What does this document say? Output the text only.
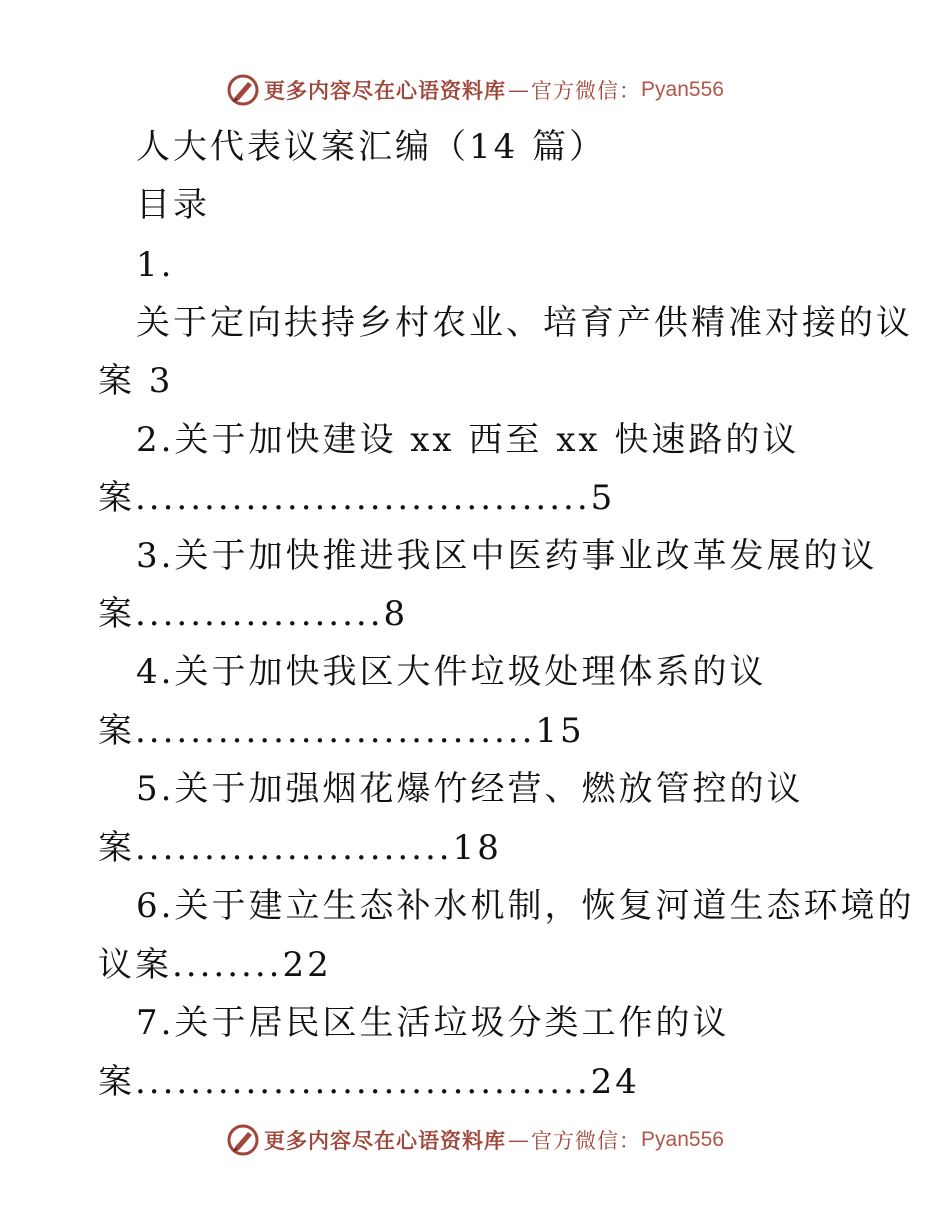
更多内容尽在心语资料库 — 官方微信： Pyan556
人大代表议案汇编（14 篇）
目录
1.
关于定向扶持乡村农业、培育产供精准对接的议
案 3
2.关于加快建设 xx 西至 xx 快速路的议
案.................................5
3.关于加快推进我区中医药事业改革发展的议
案..................8
4.关于加快我区大件垃圾处理体系的议
案.............................15
5.关于加强烟花爆竹经营、燃放管控的议
案.......................18
6.关于建立生态补水机制，恢复河道生态环境的
议案........22
7.关于居民区生活垃圾分类工作的议
案.................................24
更多内容尽在心语资料库 — 官方微信： Pyan556
